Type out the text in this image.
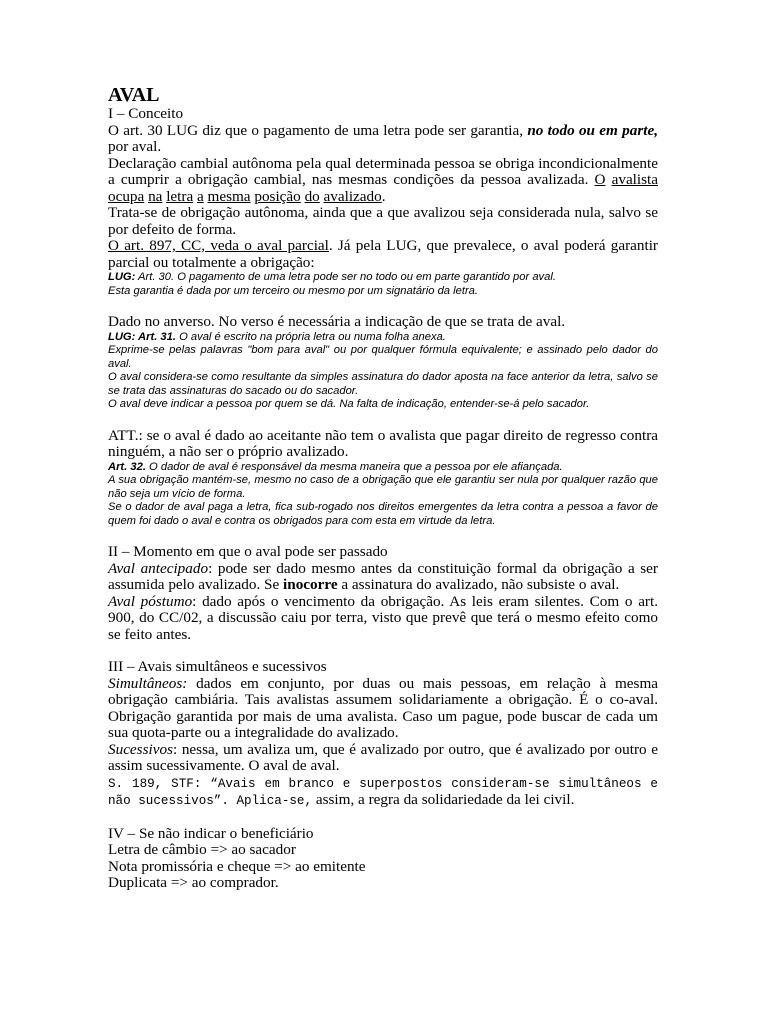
AVAL

I – Conceito

O art. 30 LUG diz que o pagamento de uma letra pode ser garantia, no todo ou em parte, por aval.

Declaração cambial autônoma pela qual determinada pessoa se obriga incondicionalmente a cumprir a obrigação cambial, nas mesmas condições da pessoa avalizada. O avalista ocupa na letra a mesma posição do avalizado.

Trata-se de obrigação autônoma, ainda que a que avalizou seja considerada nula, salvo se por defeito de forma.

O art. 897, CC, veda o aval parcial. Já pela LUG, que prevalece, o aval poderá garantir parcial ou totalmente a obrigação:

LUG: Art. 30. O pagamento de uma letra pode ser no todo ou em parte garantido por aval.

Esta garantia é dada por um terceiro ou mesmo por um signatário da letra.

Dado no anverso. No verso é necessária a indicação de que se trata de aval.

LUG: Art. 31. O aval é escrito na própria letra ou numa folha anexa.

Exprime-se pelas palavras "bom para aval" ou por qualquer fórmula equivalente; e assinado pelo dador do aval.

O aval considera-se como resultante da simples assinatura do dador aposta na face anterior da letra, salvo se se trata das assinaturas do sacado ou do sacador.

O aval deve indicar a pessoa por quem se dá. Na falta de indicação, entender-se-á pelo sacador.

ATT.: se o aval é dado ao aceitante não tem o avalista que pagar direito de regresso contra ninguém, a não ser o próprio avalizado.

Art. 32. O dador de aval é responsável da mesma maneira que a pessoa por ele afiançada.

A sua obrigação mantém-se, mesmo no caso de a obrigação que ele garantiu ser nula por qualquer razão que não seja um vício de forma.

Se o dador de aval paga a letra, fica sub-rogado nos direitos emergentes da letra contra a pessoa a favor de quem foi dado o aval e contra os obrigados para com esta em virtude da letra.

II – Momento em que o aval pode ser passado

Aval antecipado: pode ser dado mesmo antes da constituição formal da obrigação a ser assumida pelo avalizado. Se inocorre a assinatura do avalizado, não subsiste o aval.

Aval póstumo: dado após o vencimento da obrigação. As leis eram silentes. Com o art. 900, do CC/02, a discussão caiu por terra, visto que prevê que terá o mesmo efeito como se feito antes.

III – Avais simultâneos e sucessivos

Simultâneos: dados em conjunto, por duas ou mais pessoas, em relação à mesma obrigação cambiária. Tais avalistas assumem solidariamente a obrigação. É o co-aval. Obrigação garantida por mais de uma avalista. Caso um pague, pode buscar de cada um sua quota-parte ou a integralidade do avalizado.

Sucessivos: nessa, um avaliza um, que é avalizado por outro, que é avalizado por outro e assim sucessivamente. O aval de aval.

S. 189, STF: “Avais em branco e superpostos consideram-se simultâneos e não sucessivos”. Aplica-se, assim, a regra da solidariedade da lei civil.

IV – Se não indicar o beneficiário

Letra de câmbio => ao sacador

Nota promissória e cheque => ao emitente

Duplicata => ao comprador.
